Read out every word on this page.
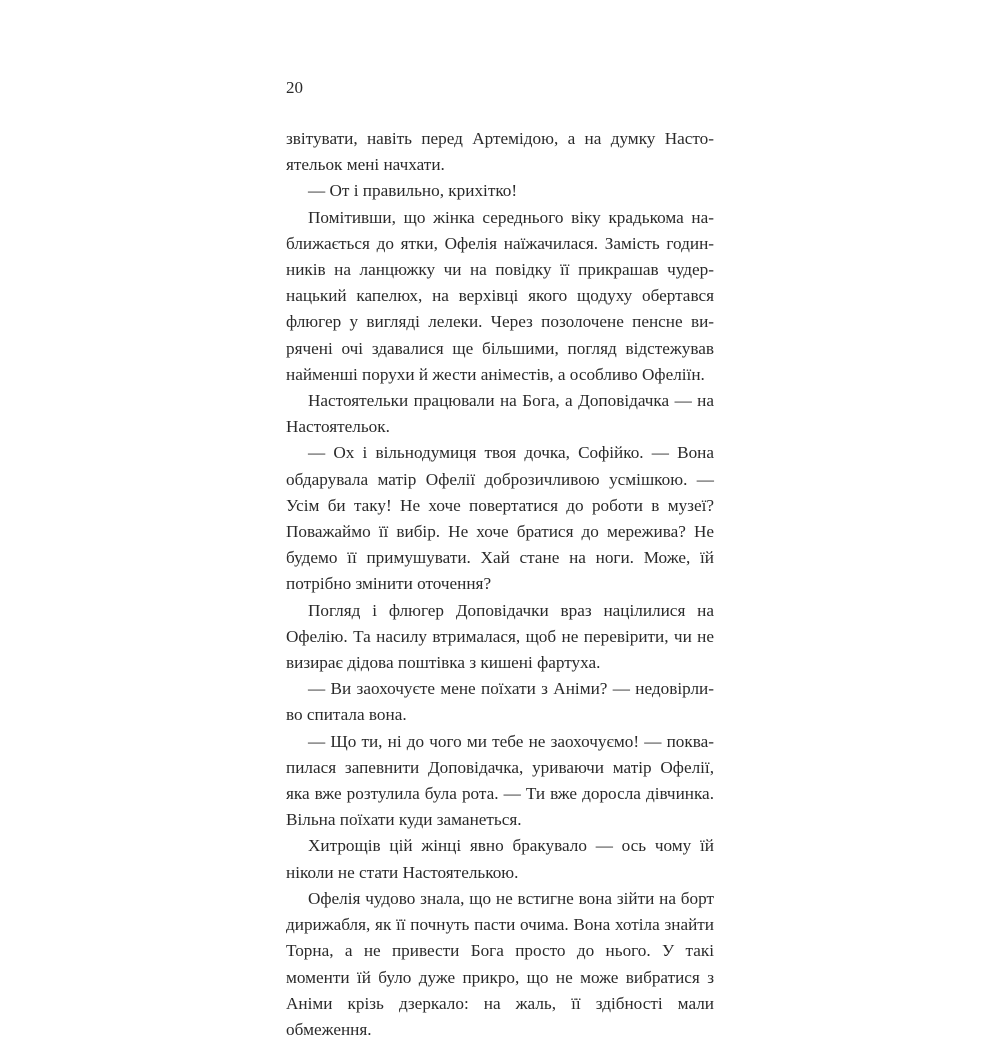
20

звітувати, навіть перед Артемідою, а на думку Настоятельок мені начхати.

— От і правильно, крихітко!

Помітивши, що жінка середнього віку крадькома наближається до ятки, Офелія наїжачилася. Замість годинників на ланцюжку чи на повідку її прикрашав чудернацький капелюх, на верхівці якого щодуху обертався флюгер у вигляді лелеки. Через позолочене пенсне вирячені очі здавалися ще більшими, погляд відстежував найменші порухи й жести аніместів, а особливо Офеліїн.

Настоятельки працювали на Бога, а Доповідачка — на Настоятельок.

— Ох і вільнодумиця твоя дочка, Софійко. — Вона обдарувала матір Офелії доброзичливою усмішкою. — Усім би таку! Не хоче повертатися до роботи в музеї? Поважаймо її вибір. Не хоче братися до мережива? Не будемо її примушувати. Хай стане на ноги. Може, їй потрібно змінити оточення?

Погляд і флюгер Доповідачки враз націлилися на Офелію. Та насилу втрималася, щоб не перевірити, чи не визирає дідова поштівка з кишені фартуха.

— Ви заохочуєте мене поїхати з Аніми? — недовірливо спитала вона.

— Що ти, ні до чого ми тебе не заохочуємо! — поквапилася запевнити Доповідачка, уриваючи матір Офелії, яка вже розтулила була рота. — Ти вже доросла дівчинка. Вільна поїхати куди заманеться.

Хитрощів цій жінці явно бракувало — ось чому їй ніколи не стати Настоятелькою.

Офелія чудово знала, що не встигне вона зійти на борт дирижабля, як її почнуть пасти очима. Вона хотіла знайти Торна, а не привести Бога просто до нього. У такі моменти їй було дуже прикро, що не може вибратися з Аніми крізь дзеркало: на жаль, її здібності мали обмеження.
